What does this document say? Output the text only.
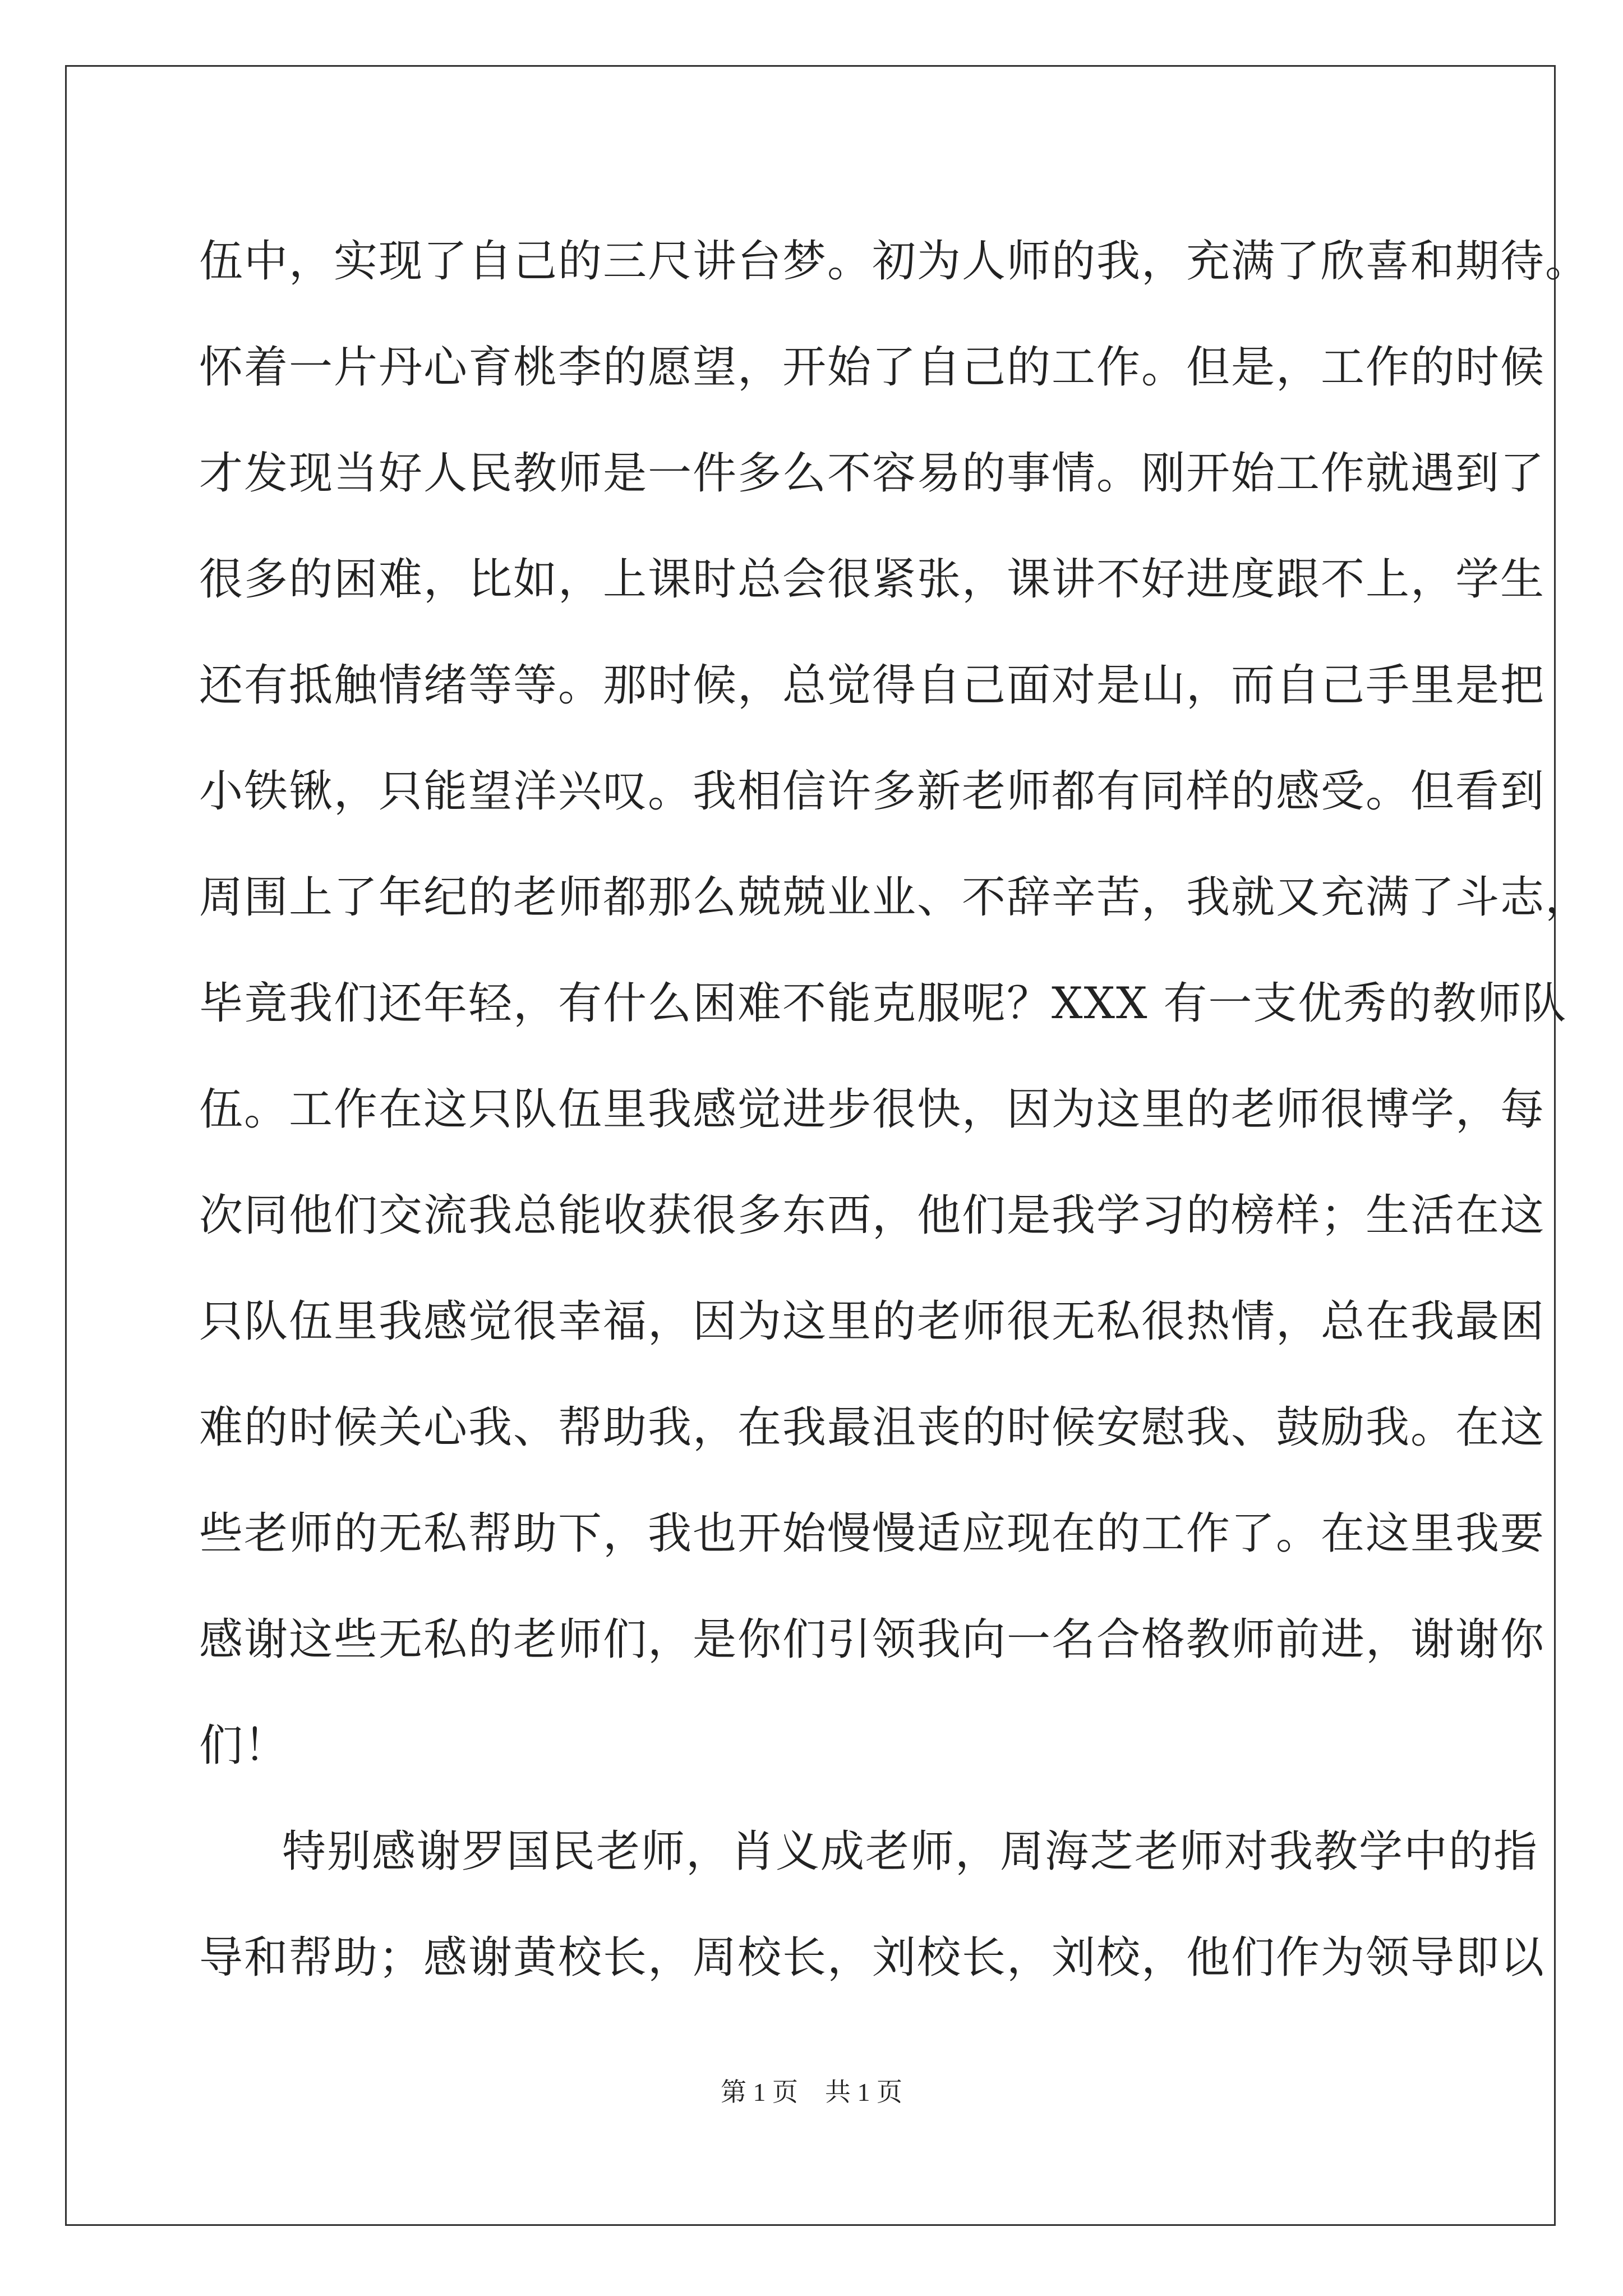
伍中，实现了自己的三尺讲台梦。初为人师的我，充满了欣喜和期待。
怀着一片丹心育桃李的愿望，开始了自己的工作。但是，工作的时候
才发现当好人民教师是一件多么不容易的事情。刚开始工作就遇到了
很多的困难，比如，上课时总会很紧张，课讲不好进度跟不上，学生
还有抵触情绪等等。那时候，总觉得自己面对是山，而自己手里是把
小铁锹，只能望洋兴叹。我相信许多新老师都有同样的感受。但看到
周围上了年纪的老师都那么兢兢业业、不辞辛苦，我就又充满了斗志，
毕竟我们还年轻，有什么困难不能克服呢？XXX 有一支优秀的教师队
伍。工作在这只队伍里我感觉进步很快，因为这里的老师很博学，每
次同他们交流我总能收获很多东西，他们是我学习的榜样；生活在这
只队伍里我感觉很幸福，因为这里的老师很无私很热情，总在我最困
难的时候关心我、帮助我，在我最沮丧的时候安慰我、鼓励我。在这
些老师的无私帮助下，我也开始慢慢适应现在的工作了。在这里我要
感谢这些无私的老师们，是你们引领我向一名合格教师前进，谢谢你
们！
特别感谢罗国民老师，肖义成老师，周海芝老师对我教学中的指
导和帮助；感谢黄校长，周校长，刘校长，刘校，他们作为领导即以
第 1 页 共 1 页
